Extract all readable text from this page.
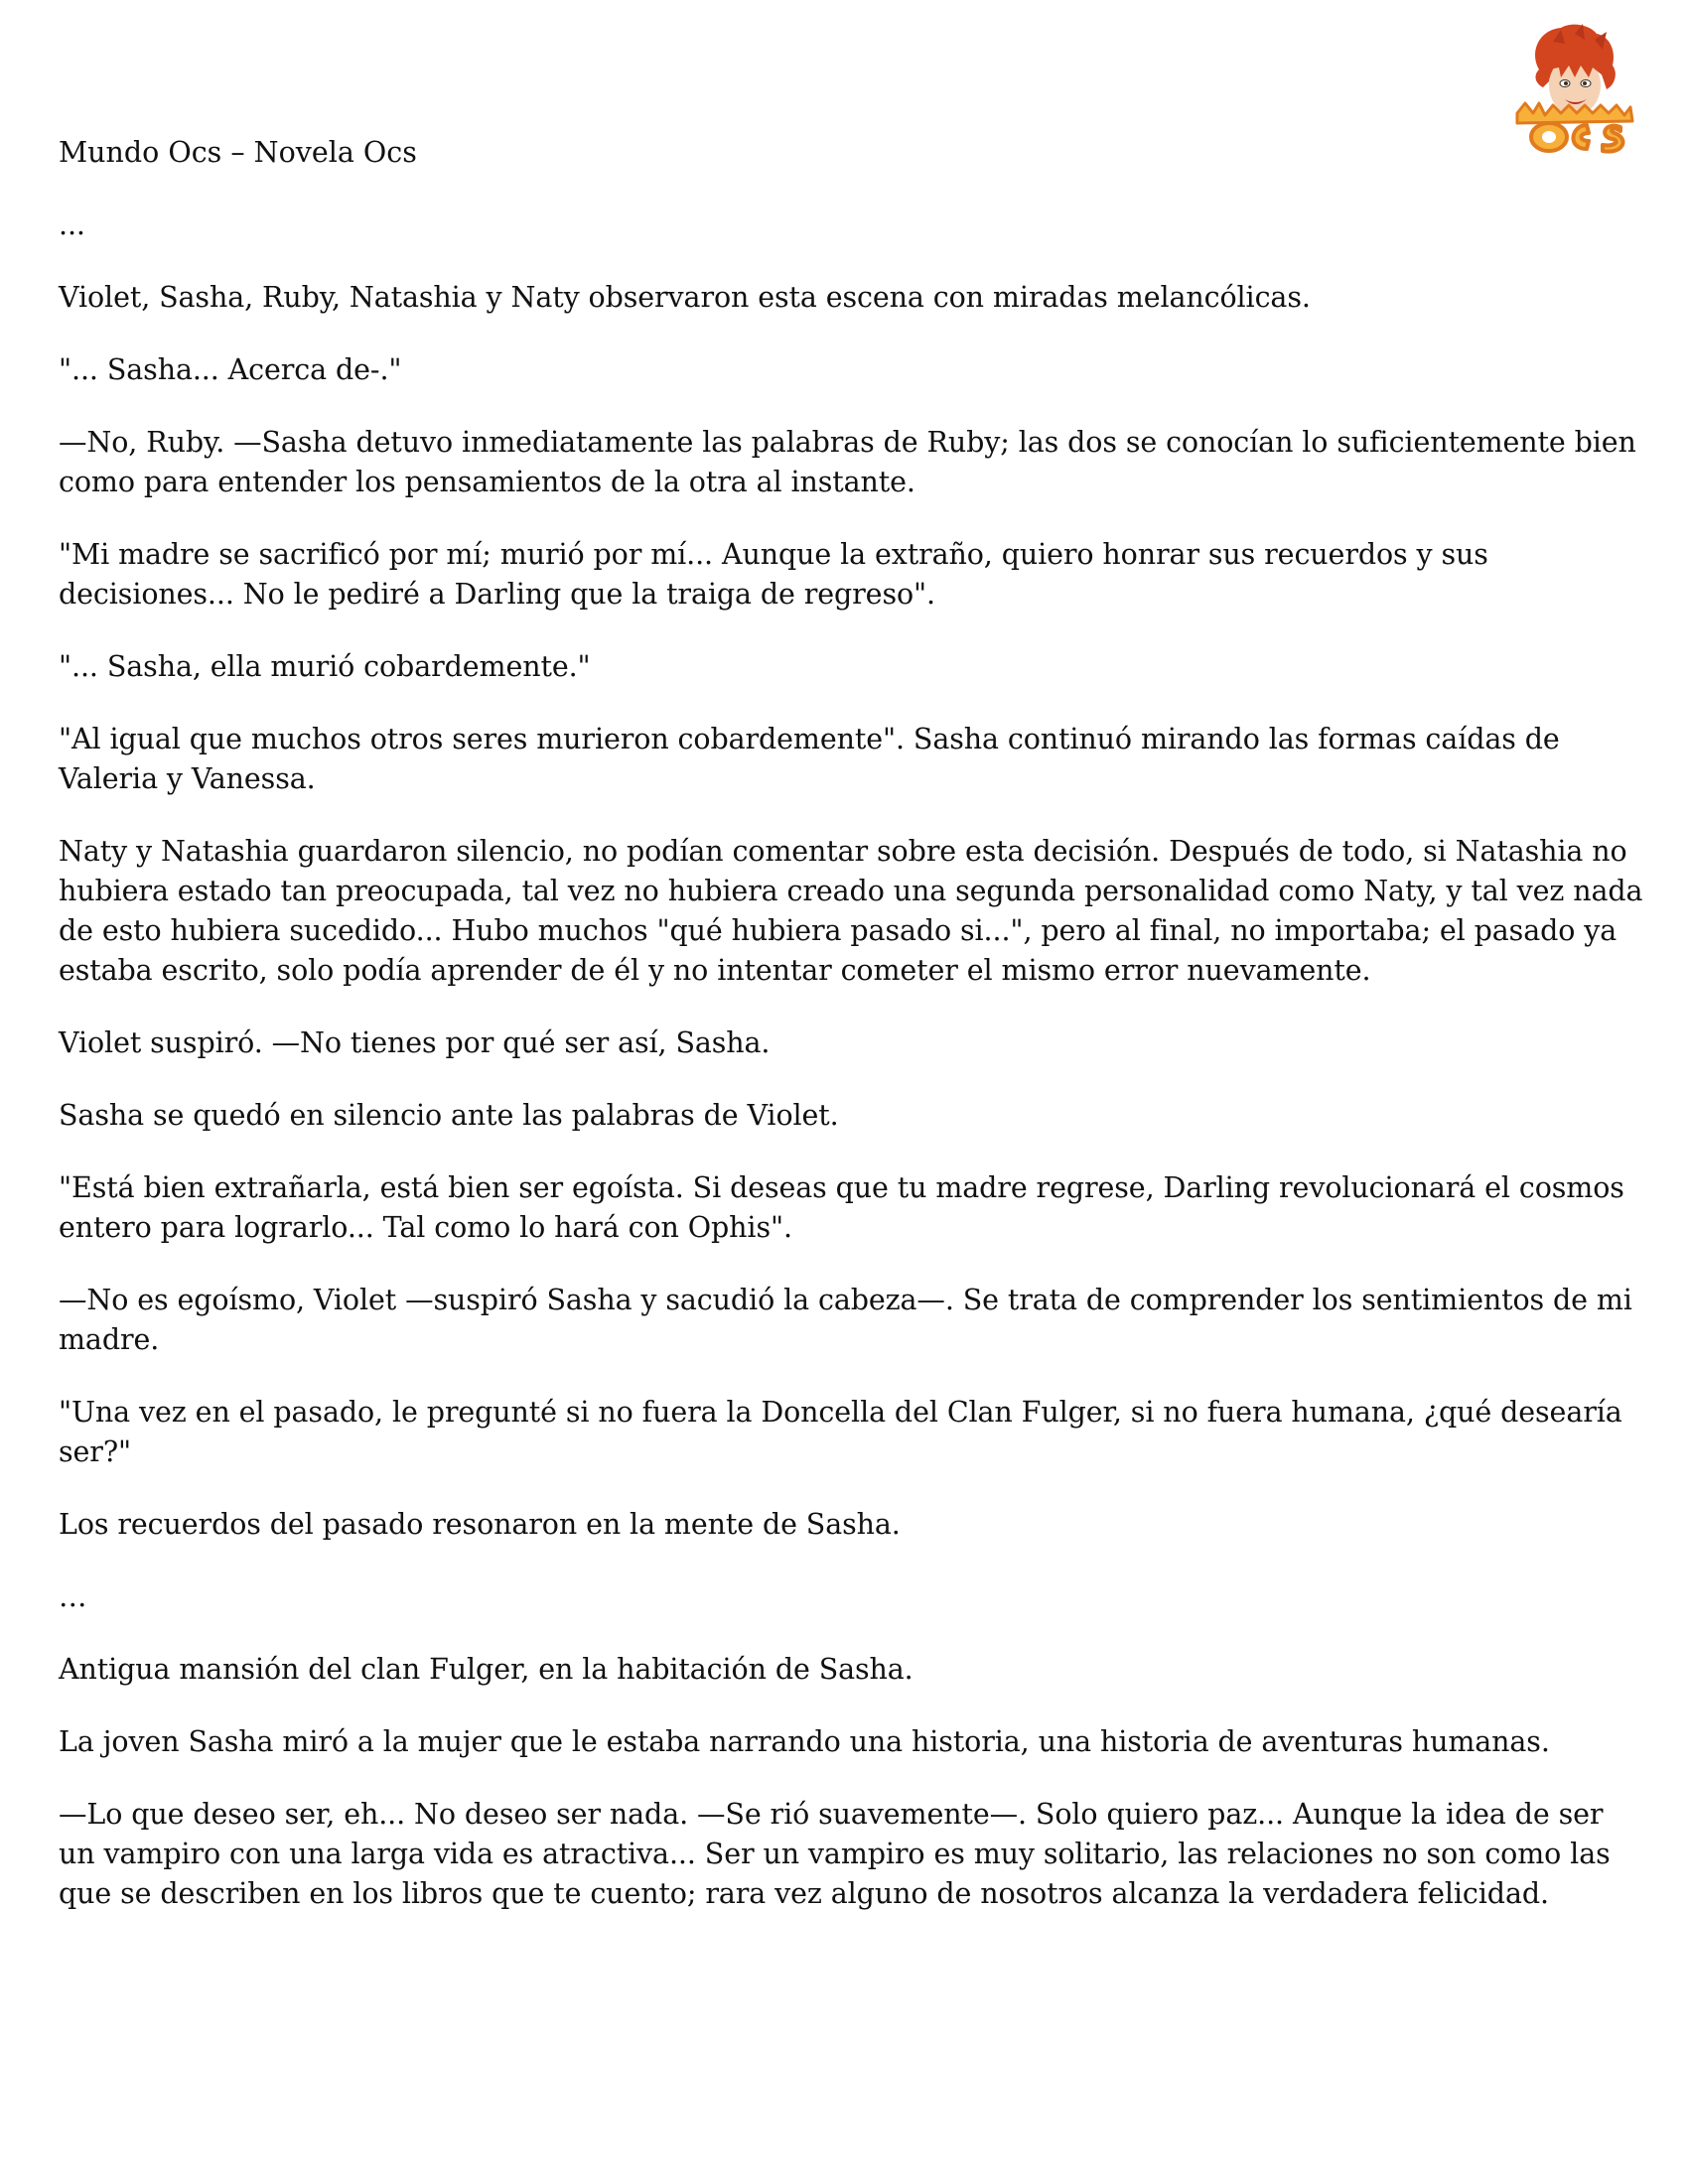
Mundo Ocs – Novela Ocs

...

Violet, Sasha, Ruby, Natashia y Naty observaron esta escena con miradas melancólicas.

"... Sasha... Acerca de-."

—No, Ruby. —Sasha detuvo inmediatamente las palabras de Ruby; las dos se conocían lo suficientemente bien como para entender los pensamientos de la otra al instante.

"Mi madre se sacrificó por mí; murió por mí... Aunque la extraño, quiero honrar sus recuerdos y sus decisiones... No le pediré a Darling que la traiga de regreso".

"... Sasha, ella murió cobardemente."

"Al igual que muchos otros seres murieron cobardemente". Sasha continuó mirando las formas caídas de Valeria y Vanessa.

Naty y Natashia guardaron silencio, no podían comentar sobre esta decisión. Después de todo, si Natashia no hubiera estado tan preocupada, tal vez no hubiera creado una segunda personalidad como Naty, y tal vez nada de esto hubiera sucedido... Hubo muchos "qué hubiera pasado si...", pero al final, no importaba; el pasado ya estaba escrito, solo podía aprender de él y no intentar cometer el mismo error nuevamente.

Violet suspiró. —No tienes por qué ser así, Sasha.

Sasha se quedó en silencio ante las palabras de Violet.

"Está bien extrañarla, está bien ser egoísta. Si deseas que tu madre regrese, Darling revolucionará el cosmos entero para lograrlo... Tal como lo hará con Ophis".

—No es egoísmo, Violet —suspiró Sasha y sacudió la cabeza—. Se trata de comprender los sentimientos de mi madre.

"Una vez en el pasado, le pregunté si no fuera la Doncella del Clan Fulger, si no fuera humana, ¿qué desearía ser?"

Los recuerdos del pasado resonaron en la mente de Sasha.

…

Antigua mansión del clan Fulger, en la habitación de Sasha.

La joven Sasha miró a la mujer que le estaba narrando una historia, una historia de aventuras humanas.

—Lo que deseo ser, eh... No deseo ser nada. —Se rió suavemente—. Solo quiero paz... Aunque la idea de ser un vampiro con una larga vida es atractiva... Ser un vampiro es muy solitario, las relaciones no son como las que se describen en los libros que te cuento; rara vez alguno de nosotros alcanza la verdadera felicidad.
